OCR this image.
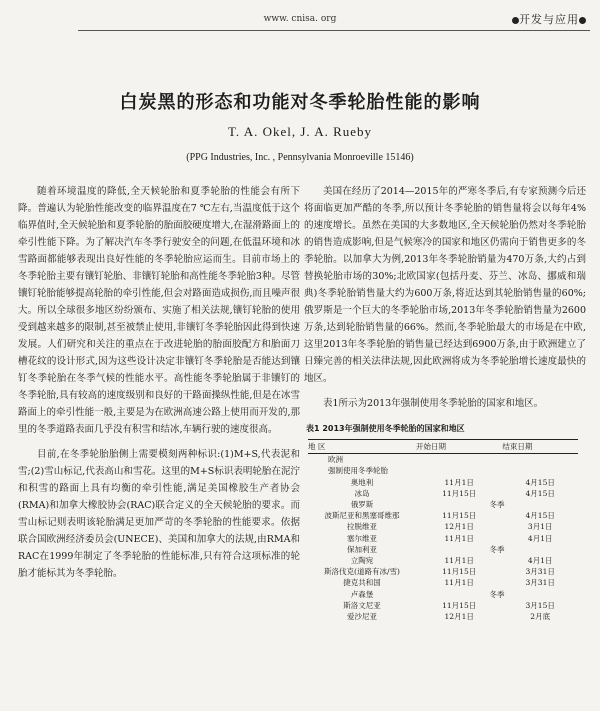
www. cnisa. org	开发与应用
白炭黑的形态和功能对冬季轮胎性能的影响
T. A. Okel, J. A. Rueby
(PPG Industries, Inc. , Pennsylvania Monroeville 15146)

随着环境温度的降低,全天候轮胎和夏季轮胎的性能会有所下降。普遍认为轮胎性能改变的临界温度在7 ℃左右,当温度低于这个临界值时,全天候轮胎和夏季轮胎的胎面胶硬度增大,在湿滑路面上的牵引性能下降。为了解决汽车冬季行驶安全的问题,在低温环境和冰雪路面都能够表现出良好性能的冬季轮胎应运而生。目前市场上的冬季轮胎主要有镶钉轮胎、非镶钉轮胎和高性能冬季轮胎3种。尽管镶钉轮胎能够提高轮胎的牵引性能,但会对路面造成损伤,而且噪声很大。所以全球很多地区纷纷颁布、实施了相关法规,镶钉轮胎的使用受到越来越多的限制,甚至被禁止使用,非镶钉冬季轮胎因此得到快速发展。人们研究和关注的重点在于改进轮胎的胎面胶配方和胎面刀槽花纹的设计形式,因为这些设计决定非镶钉冬季轮胎是否能达到镶钉冬季轮胎在冬季气候的性能水平。高性能冬季轮胎属于非镶钉的冬季轮胎,具有较高的速度级别和良好的干路面操纵性能,但是在冰雪路面上的牵引性能一般,主要是为在欧洲高速公路上使用而开发的,那里的冬季道路表面几乎没有积雪和结冰,车辆行驶的速度很高。

目前,在冬季轮胎胎侧上需要模刻两种标识:(1)M+S,代表泥和雪;(2)雪山标记,代表高山和雪花。这里的M+S标识表明轮胎在泥泞和积雪的路面上具有均衡的牵引性能,满足美国橡胶生产者协会(RMA)和加拿大橡胶协会(RAC)联合定义的全天候轮胎的要求。而雪山标记则表明该轮胎满足更加严苛的冬季轮胎的性能要求。依据联合国欧洲经济委员会(UNECE)、美国和加拿大的法规,由RMA和RAC在1999年制定了冬季轮胎的性能标准,只有符合这项标准的轮胎才能标其为冬季轮胎。

美国在经历了2014—2015年的严寒冬季后,有专家预测今后还将面临更加严酷的冬季,所以预计冬季轮胎的销售量将会以每年4%的速度增长。虽然在美国的大多数地区,全天候轮胎仍然对冬季轮胎的销售造成影响,但是气候寒冷的国家和地区仍需向于销售更多的冬季轮胎。以加拿大为例,2013年冬季轮胎销量为470万条,大约占到替换轮胎市场的30%;北欧国家(包括丹麦、芬兰、冰岛、挪威和瑞典)冬季轮胎销售量大约为600万条,将近达到其轮胎销售量的60%;俄罗斯是一个巨大的冬季轮胎市场,2013年冬季轮胎销售量为2600万条,达到轮胎销售量的66%。然而,冬季轮胎最大的市场是在中欧,这里2013年冬季轮胎的销售量已经达到6900万条,由于欧洲建立了日臻完善的相关法律法规,因此欧洲将成为冬季轮胎增长速度最快的地区。

表1所示为2013年强制使用冬季轮胎的国家和地区。

表1 2013年强制使用冬季轮胎的国家和地区
地 区	开始日期	结束日期
欧洲		
强制使用冬季轮胎		
奥地利	11月1日	4月15日
冰岛	11月15日	4月15日
俄罗斯	冬季	
波斯尼亚和黑塞哥维那	11月15日	4月15日
拉脱维亚	12月1日	3月1日
塞尔维亚	11月1日	4月1日
保加利亚	冬季	
立陶宛	11月1日	4月1日
斯洛伐克(道路有冰/雪)	11月15日	3月31日
捷克共和国	11月1日	3月31日
卢森堡	冬季	
斯洛文尼亚	11月15日	3月15日
爱沙尼亚	12月1日	2月底
